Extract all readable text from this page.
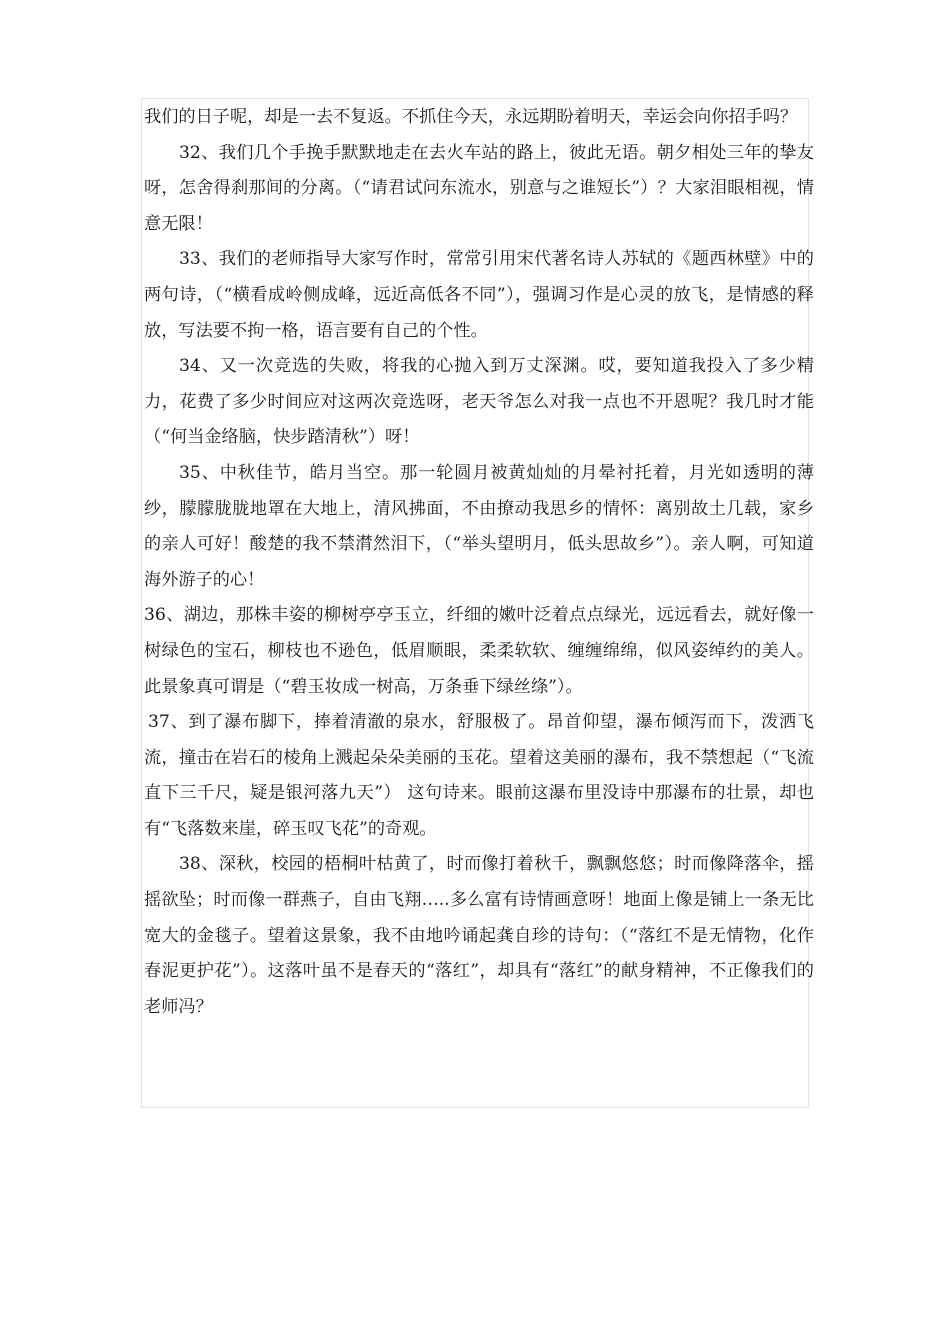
我们的日子呢，却是一去不复返。不抓住今天，永远期盼着明天，幸运会向你招手吗？

32、我们几个手挽手默默地走在去火车站的路上，彼此无语。朝夕相处三年的挚友呀，怎舍得刹那间的分离。（“请君试问东流水，别意与之谁短长”）？大家泪眼相视，情意无限！

33、我们的老师指导大家写作时，常常引用宋代著名诗人苏轼的《题西林壁》中的两句诗，（“横看成岭侧成峰，远近高低各不同”），强调习作是心灵的放飞，是情感的释放，写法要不拘一格，语言要有自己的个性。

34、又一次竞选的失败，将我的心抛入到万丈深渊。哎，要知道我投入了多少精力，花费了多少时间应对这两次竞选呀，老天爷怎么对我一点也不开恩呢？我几时才能（“何当金络脑，快步踏清秋”）呀！

35、中秋佳节，皓月当空。那一轮圆月被黄灿灿的月晕衬托着，月光如透明的薄纱，朦朦胧胧地罩在大地上，清风拂面，不由撩动我思乡的情怀：离别故土几载，家乡的亲人可好！酸楚的我不禁潸然泪下，（“举头望明月，低头思故乡”）。亲人啊，可知道海外游子的心！

36、湖边，那株丰姿的柳树亭亭玉立，纤细的嫩叶泛着点点绿光，远远看去，就好像一树绿色的宝石，柳枝也不逊色，低眉顺眼，柔柔软软、缠缠绵绵，似风姿绰约的美人。此景象真可谓是（“碧玉妆成一树高，万条垂下绿丝绦”）。

37、到了瀑布脚下，捧着清澈的泉水，舒服极了。昂首仰望，瀑布倾泻而下，泼洒飞流，撞击在岩石的棱角上溅起朵朵美丽的玉花。望着这美丽的瀑布，我不禁想起（“飞流直下三千尺，疑是银河落九天”） 这句诗来。眼前这瀑布里没诗中那瀑布的壮景，却也有“飞落数来崖，碎玉叹飞花”的奇观。

38、深秋，校园的梧桐叶枯黄了，时而像打着秋千，飘飘悠悠；时而像降落伞，摇摇欲坠；时而像一群燕子，自由飞翔…..多么富有诗情画意呀！地面上像是铺上一条无比宽大的金毯子。望着这景象，我不由地吟诵起龚自珍的诗句：（“落红不是无情物，化作春泥更护花”）。这落叶虽不是春天的“落红”，却具有“落红”的献身精神，不正像我们的老师冯？
